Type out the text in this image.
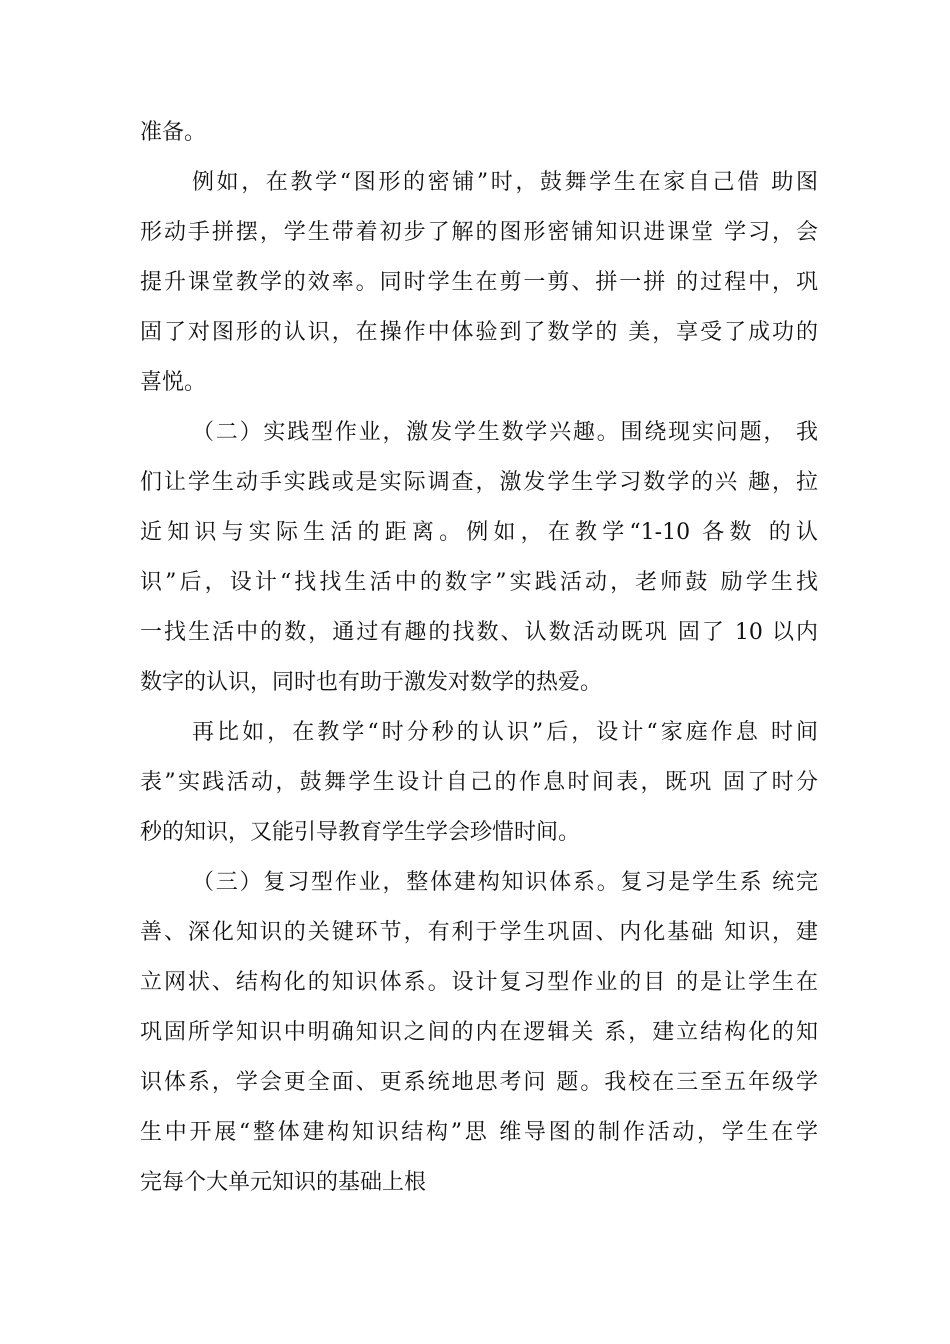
准备。
例如，在教学“图形的密铺”时，鼓舞学生在家自己借 助图
形动手拼摆，学生带着初步了解的图形密铺知识进课堂 学习，会
提升课堂教学的效率。同时学生在剪一剪、拼一拼 的过程中，巩
固了对图形的认识，在操作中体验到了数学的 美，享受了成功的
喜悦。
（二）实践型作业，激发学生数学兴趣。围绕现实问题， 我
们让学生动手实践或是实际调查，激发学生学习数学的兴 趣，拉
近知识与实际生活的距离。例如，在教学“1-10 各数 的认
识”后，设计“找找生活中的数字”实践活动，老师鼓 励学生找
一找生活中的数，通过有趣的找数、认数活动既巩 固了 10 以内
数字的认识，同时也有助于激发对数学的热爱。
再比如，在教学“时分秒的认识”后，设计“家庭作息 时间
表”实践活动，鼓舞学生设计自己的作息时间表，既巩 固了时分
秒的知识，又能引导教育学生学会珍惜时间。
（三）复习型作业，整体建构知识体系。复习是学生系 统完
善、深化知识的关键环节，有利于学生巩固、内化基础 知识，建
立网状、结构化的知识体系。设计复习型作业的目 的是让学生在
巩固所学知识中明确知识之间的内在逻辑关 系，建立结构化的知
识体系，学会更全面、更系统地思考问 题。我校在三至五年级学
生中开展“整体建构知识结构”思 维导图的制作活动，学生在学
完每个大单元知识的基础上根
